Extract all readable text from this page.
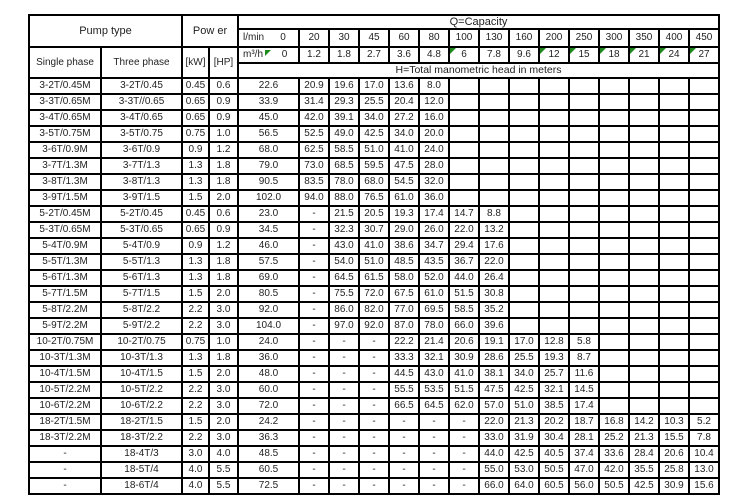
Pump type		Pow er		Q=Capacity														

				l/min 0	20	30	45	60	80	100	130	160	200	250	300	350	400	450
Single phase	Three phase	[kW]	[HP]	m³/h 0	1.2	1.8	2.7	3.6	4.8	6	7.8	9.6	12	15	18	21	24	27

				H=Total manometric head in meters														
3-2T/0.45M	3-2T/0.45	0.45	0.6	22.6	20.9	19.6	17.0	13.6	8.0									
3-3T/0.65M	3-3T//0.65	0.65	0.9	33.9	31.4	29.3	25.5	20.4	12.0									
3-4T/0.65M	3-4T/0.65	0.65	0.9	45.0	42.0	39.1	34.0	27.2	16.0									
3-5T/0.75M	3-5T/0.75	0.75	1.0	56.5	52.5	49.0	42.5	34.0	20.0									
3-6T/0.9M	3-6T/0.9	0.9	1.2	68.0	62.5	58.5	51.0	41.0	24.0									
3-7T/1.3M	3-7T/1.3	1.3	1.8	79.0	73.0	68.5	59.5	47.5	28.0									
3-8T/1.3M	3-8T/1.3	1.3	1.8	90.5	83.5	78.0	68.0	54.5	32.0									
3-9T/1.5M	3-9T/1.5	1.5	2.0	102.0	94.0	88.0	76.5	61.0	36.0									
5-2T/0.45M	5-2T/0.45	0.45	0.6	23.0	-	21.5	20.5	19.3	17.4	14.7	8.8							
5-3T/0.65M	5-3T/0.65	0.65	0.9	34.5	-	32.3	30.7	29.0	26.0	22.0	13.2							
5-4T/0.9M	5-4T/0.9	0.9	1.2	46.0	-	43.0	41.0	38.6	34.7	29.4	17.6							
5-5T/1.3M	5-5T/1.3	1.3	1.8	57.5	-	54.0	51.0	48.5	43.5	36.7	22.0							
5-6T/1.3M	5-6T/1.3	1.3	1.8	69.0	-	64.5	61.5	58.0	52.0	44.0	26.4							
5-7T/1.5M	5-7T/1.5	1.5	2.0	80.5	-	75.5	72.0	67.5	61.0	51.5	30.8							
5-8T/2.2M	5-8T/2.2	2.2	3.0	92.0	-	86.0	82.0	77.0	69.5	58.5	35.2							
5-9T/2.2M	5-9T/2.2	2.2	3.0	104.0	-	97.0	92.0	87.0	78.0	66.0	39.6							
10-2T/0.75M	10-2T/0.75	0.75	1.0	24.0	-	-	-	22.2	21.4	20.6	19.1	17.0	12.8	5.8				
10-3T/1.3M	10-3T/1.3	1.3	1.8	36.0	-	-	-	33.3	32.1	30.9	28.6	25.5	19.3	8.7				
10-4T/1.5M	10-4T/1.5	1.5	2.0	48.0	-	-	-	44.5	43.0	41.0	38.1	34.0	25.7	11.6				
10-5T/2.2M	10-5T/2.2	2.2	3.0	60.0	-	-	-	55.5	53.5	51.5	47.5	42.5	32.1	14.5				
10-6T/2.2M	10-6T/2.2	2.2	3.0	72.0	-	-	-	66.5	64.5	62.0	57.0	51.0	38.5	17.4				
18-2T/1.5M	18-2T/1.5	1.5	2.0	24.2	-	-	-	-	-	-	22.0	21.3	20.2	18.7	16.8	14.2	10.3	5.2
18-3T/2.2M	18-3T/2.2	2.2	3.0	36.3	-	-	-	-	-	-	33.0	31.9	30.4	28.1	25.2	21.3	15.5	7.8
-	18-4T/3	3.0	4.0	48.5	-	-	-	-	-	-	44.0	42.5	40.5	37.4	33.6	28.4	20.6	10.4
-	18-5T/4	4.0	5.5	60.5	-	-	-	-	-	-	55.0	53.0	50.5	47.0	42.0	35.5	25.8	13.0
-	18-6T/4	4.0	5.5	72.5	-	-	-	-	-	-	66.0	64.0	60.5	56.0	50.5	42.5	30.9	15.6
